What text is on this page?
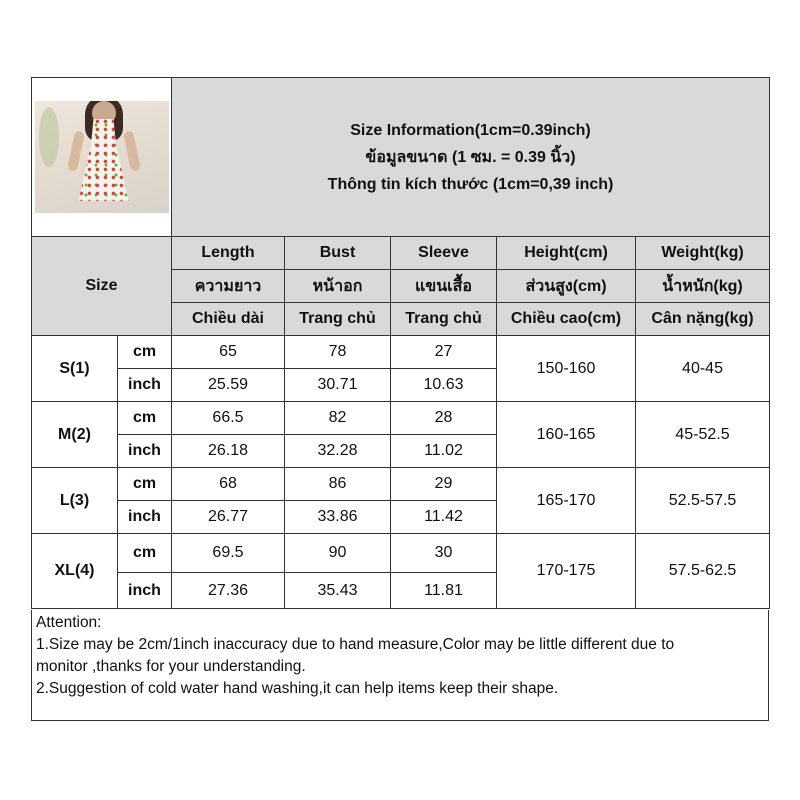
		Size Information(1cm=0.39inch)
ข้อมูลขนาด (1 ซม. = 0.39 นิ้ว)
Thông tin kích thước (1cm=0,39 inch)				

Size		Length	Bust	Sleeve	Height(cm)	Weight(kg)
		ความยาว	หน้าอก	แขนเสื้อ	ส่วนสูง(cm)	น้ำหนัก(kg)
		Chiều dài	Trang chủ	Trang chủ	Chiều cao(cm)	Cân nặng(kg)
S(1)	cm	65	78	27	150-160	40-45
	inch	25.59	30.71	10.63		
M(2)	cm	66.5	82	28	160-165	45-52.5
	inch	26.18	32.28	11.02		
L(3)	cm	68	86	29	165-170	52.5-57.5
	inch	26.77	33.86	11.42		
XL(4)	cm	69.5	90	30	170-175	57.5-62.5
	inch	27.36	35.43	11.81		
Attention:
1.Size may be 2cm/1inch inaccuracy due to hand measure,Color may be little different due to
monitor ,thanks for your understanding.
2.Suggestion of cold water hand washing,it can help items keep their shape.
